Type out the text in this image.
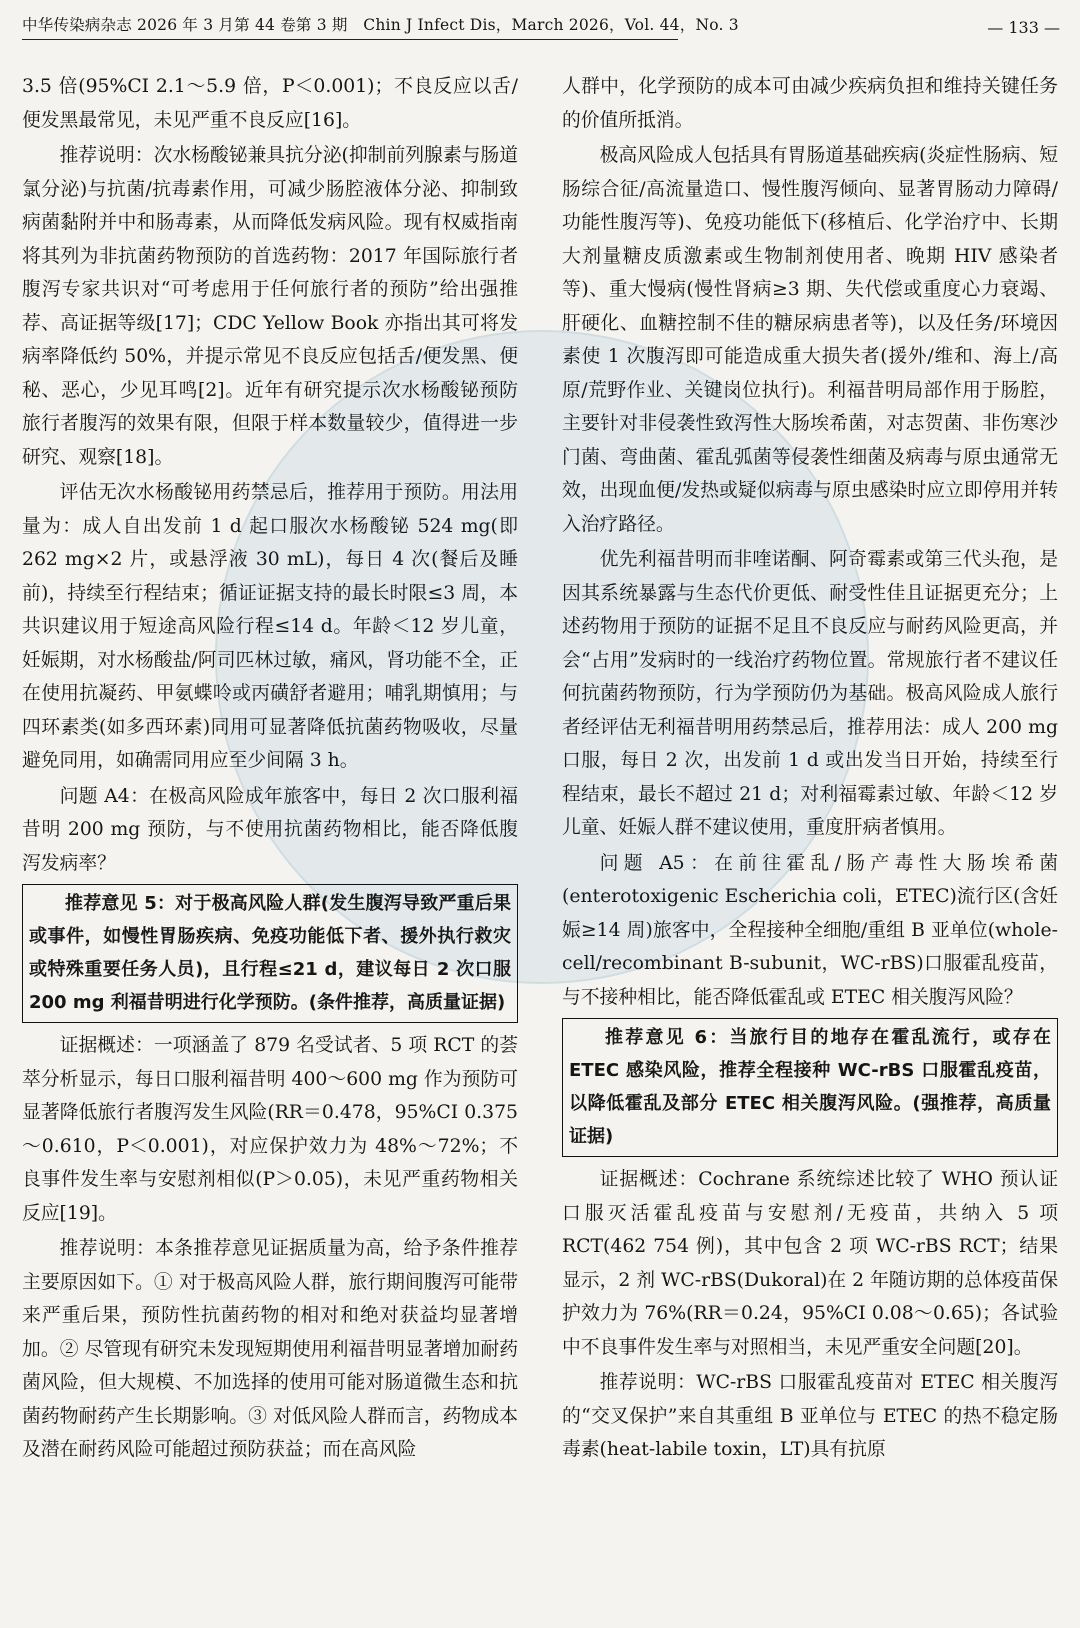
中华传染病杂志 2026 年 3 月第 44 卷第 3 期　Chin J Infect Dis，March 2026，Vol. 44，No. 3	— 133 —

3.5 倍(95%CI 2.1～5.9 倍，P＜0.001)；不良反应以舌/便发黑最常见，未见严重不良反应[16]。

推荐说明：次水杨酸铋兼具抗分泌(抑制前列腺素与肠道氯分泌)与抗菌/抗毒素作用，可减少肠腔液体分泌、抑制致病菌黏附并中和肠毒素，从而降低发病风险。现有权威指南将其列为非抗菌药物预防的首选药物：2017 年国际旅行者腹泻专家共识对“可考虑用于任何旅行者的预防”给出强推荐、高证据等级[17]；CDC Yellow Book 亦指出其可将发病率降低约 50%，并提示常见不良反应包括舌/便发黑、便秘、恶心，少见耳鸣[2]。近年有研究提示次水杨酸铋预防旅行者腹泻的效果有限，但限于样本数量较少，值得进一步研究、观察[18]。

评估无次水杨酸铋用药禁忌后，推荐用于预防。用法用量为：成人自出发前 1 d 起口服次水杨酸铋 524 mg(即 262 mg×2 片，或悬浮液 30 mL)，每日 4 次(餐后及睡前)，持续至行程结束；循证证据支持的最长时限≤3 周，本共识建议用于短途高风险行程≤14 d。年龄＜12 岁儿童，妊娠期，对水杨酸盐/阿司匹林过敏，痛风，肾功能不全，正在使用抗凝药、甲氨蝶呤或丙磺舒者避用；哺乳期慎用；与四环素类(如多西环素)同用可显著降低抗菌药物吸收，尽量避免同用，如确需同用应至少间隔 3 h。

问题 A4：在极高风险成年旅客中，每日 2 次口服利福昔明 200 mg 预防，与不使用抗菌药物相比，能否降低腹泻发病率？

推荐意见 5：对于极高风险人群(发生腹泻导致严重后果或事件，如慢性胃肠疾病、免疫功能低下者、援外执行救灾或特殊重要任务人员)，且行程≤21 d，建议每日 2 次口服 200 mg 利福昔明进行化学预防。(条件推荐，高质量证据)

证据概述：一项涵盖了 879 名受试者、5 项 RCT 的荟萃分析显示，每日口服利福昔明 400～600 mg 作为预防可显著降低旅行者腹泻发生风险(RR＝0.478，95%CI 0.375～0.610，P＜0.001)，对应保护效力为 48%～72%；不良事件发生率与安慰剂相似(P＞0.05)，未见严重药物相关反应[19]。

推荐说明：本条推荐意见证据质量为高，给予条件推荐主要原因如下。① 对于极高风险人群，旅行期间腹泻可能带来严重后果，预防性抗菌药物的相对和绝对获益均显著增加。② 尽管现有研究未发现短期使用利福昔明显著增加耐药菌风险，但大规模、不加选择的使用可能对肠道微生态和抗菌药物耐药产生长期影响。③ 对低风险人群而言，药物成本及潜在耐药风险可能超过预防获益；而在高风险

人群中，化学预防的成本可由减少疾病负担和维持关键任务的价值所抵消。

极高风险成人包括具有胃肠道基础疾病(炎症性肠病、短肠综合征/高流量造口、慢性腹泻倾向、显著胃肠动力障碍/功能性腹泻等)、免疫功能低下(移植后、化学治疗中、长期大剂量糖皮质激素或生物制剂使用者、晚期 HIV 感染者等)、重大慢病(慢性肾病≥3 期、失代偿或重度心力衰竭、肝硬化、血糖控制不佳的糖尿病患者等)，以及任务/环境因素使 1 次腹泻即可能造成重大损失者(援外/维和、海上/高原/荒野作业、关键岗位执行)。利福昔明局部作用于肠腔，主要针对非侵袭性致泻性大肠埃希菌，对志贺菌、非伤寒沙门菌、弯曲菌、霍乱弧菌等侵袭性细菌及病毒与原虫通常无效，出现血便/发热或疑似病毒与原虫感染时应立即停用并转入治疗路径。

优先利福昔明而非喹诺酮、阿奇霉素或第三代头孢，是因其系统暴露与生态代价更低、耐受性佳且证据更充分；上述药物用于预防的证据不足且不良反应与耐药风险更高，并会“占用”发病时的一线治疗药物位置。常规旅行者不建议任何抗菌药物预防，行为学预防仍为基础。极高风险成人旅行者经评估无利福昔明用药禁忌后，推荐用法：成人 200 mg 口服，每日 2 次，出发前 1 d 或出发当日开始，持续至行程结束，最长不超过 21 d；对利福霉素过敏、年龄＜12 岁儿童、妊娠人群不建议使用，重度肝病者慎用。

问题 A5：在前往霍乱/肠产毒性大肠埃希菌(enterotoxigenic Escherichia coli，ETEC)流行区(含妊娠≥14 周)旅客中，全程接种全细胞/重组 B 亚单位(whole-cell/recombinant B-subunit，WC-rBS)口服霍乱疫苗，与不接种相比，能否降低霍乱或 ETEC 相关腹泻风险？

推荐意见 6：当旅行目的地存在霍乱流行，或存在 ETEC 感染风险，推荐全程接种 WC-rBS 口服霍乱疫苗，以降低霍乱及部分 ETEC 相关腹泻风险。(强推荐，高质量证据)

证据概述：Cochrane 系统综述比较了 WHO 预认证口服灭活霍乱疫苗与安慰剂/无疫苗，共纳入 5 项 RCT(462 754 例)，其中包含 2 项 WC-rBS RCT；结果显示，2 剂 WC-rBS(Dukoral)在 2 年随访期的总体疫苗保护效力为 76%(RR＝0.24，95%CI 0.08～0.65)；各试验中不良事件发生率与对照相当，未见严重安全问题[20]。

推荐说明：WC-rBS 口服霍乱疫苗对 ETEC 相关腹泻的“交叉保护”来自其重组 B 亚单位与 ETEC 的热不稳定肠毒素(heat-labile toxin，LT)具有抗原
